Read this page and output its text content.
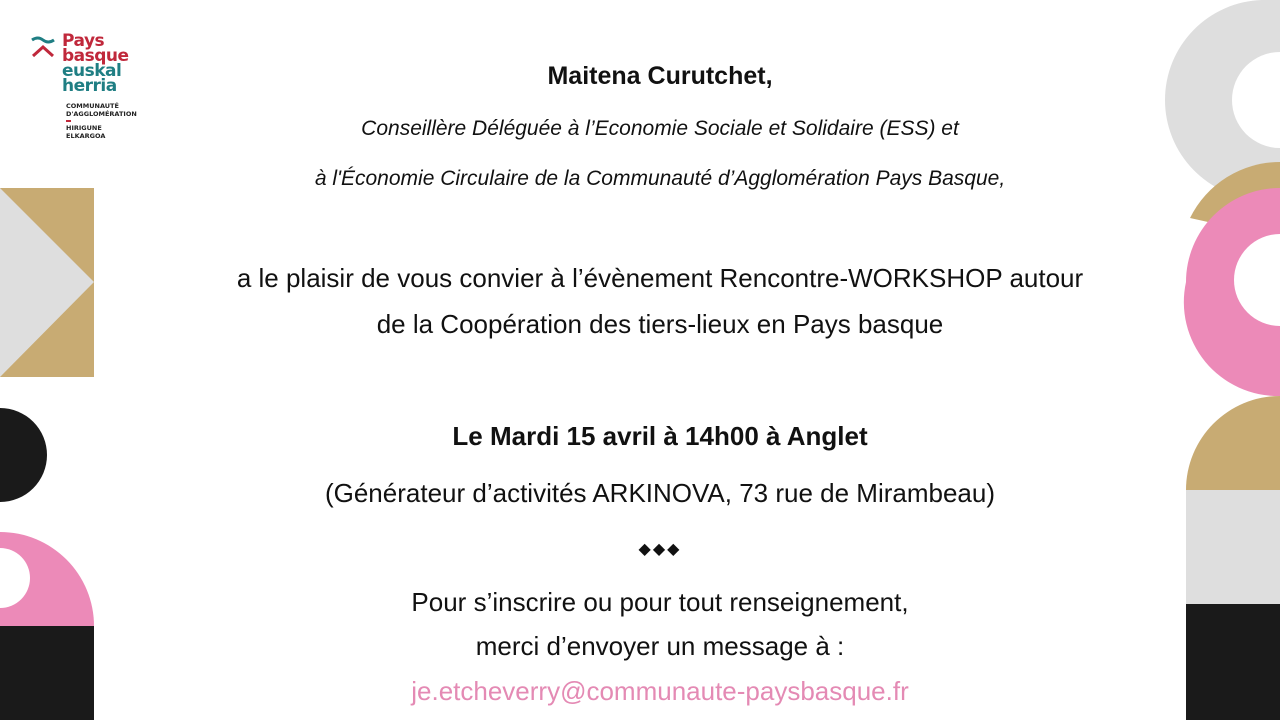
Pays
basque
euskal
herria
COMMUNAUTÉ
D'AGGLOMÉRATION
HIRIGUNE
ELKARGOA
Maitena Curutchet,
Conseillère Déléguée à l’Economie Sociale et Solidaire (ESS) et
à l'Économie Circulaire de la Communauté d’Agglomération Pays Basque,
a le plaisir de vous convier à l’évènement Rencontre-WORKSHOP autour
de la Coopération des tiers-lieux en Pays basque
Le Mardi 15 avril à 14h00 à Anglet
(Générateur d’activités ARKINOVA, 73 rue de Mirambeau)
◆◆◆
Pour s’inscrire ou pour tout renseignement,
merci d’envoyer un message à :
je.etcheverry@communaute-paysbasque.fr
